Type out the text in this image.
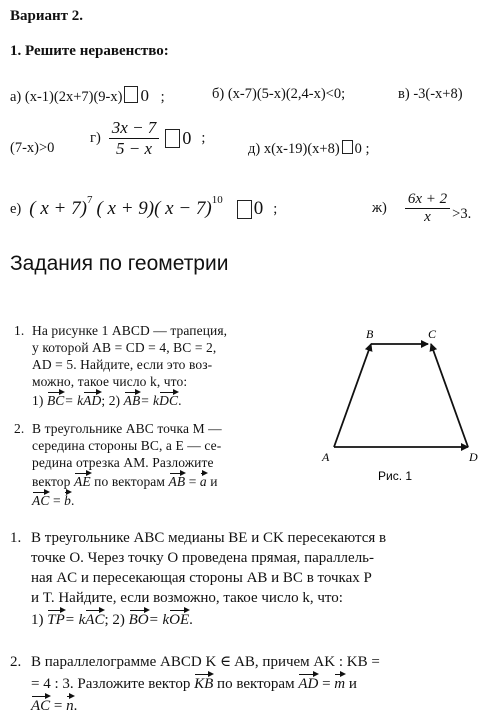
Вариант 2.
1. Решите неравенство:
а) (х-1)(2х+7)(9-х) 0 ;	б) (х-7)(5-х)(2,4-х)<0;	в) -3(-х+8)
(7-х)>0
$г) \frac{3x - 7}{5 - x} 0$ ;
д) х(х-19)(х+8) 0 ;
е) ( x + 7)$^7$ ( x + 9)( x − 7)$^{10}$ 0 ;	$ж) \frac{6x + 2}{x} >3$.
Задания по геометрии
1. На рисунке 1 ABCD — трапеция,
у которой AB = CD = 4, BC = 2,
AD = 5. Найдите, если это воз-
можно, такое число k, что:
1) BC= kAD; 2) AB= kDC.
2. В треугольнике ABC точка M —
середина стороны BC, а E — се-
редина отрезка AM. Разложите
вектор AE по векторам AB = a и
AC = b.
B	C
A	D
Рис. 1
1. В треугольнике ABC медианы BE и CK пересекаются в
точке O. Через точку O проведена прямая, параллель-
ная AC и пересекающая стороны AB и BC в точках P
и T. Найдите, если возможно, такое число k, что:
1) TP= kAC; 2) BO= kOE.
2. В параллелограмме ABCD K ∈ AB, причем AK : KB =
= 4 : 3. Разложите вектор KB по векторам AD = m и
AC = n.
